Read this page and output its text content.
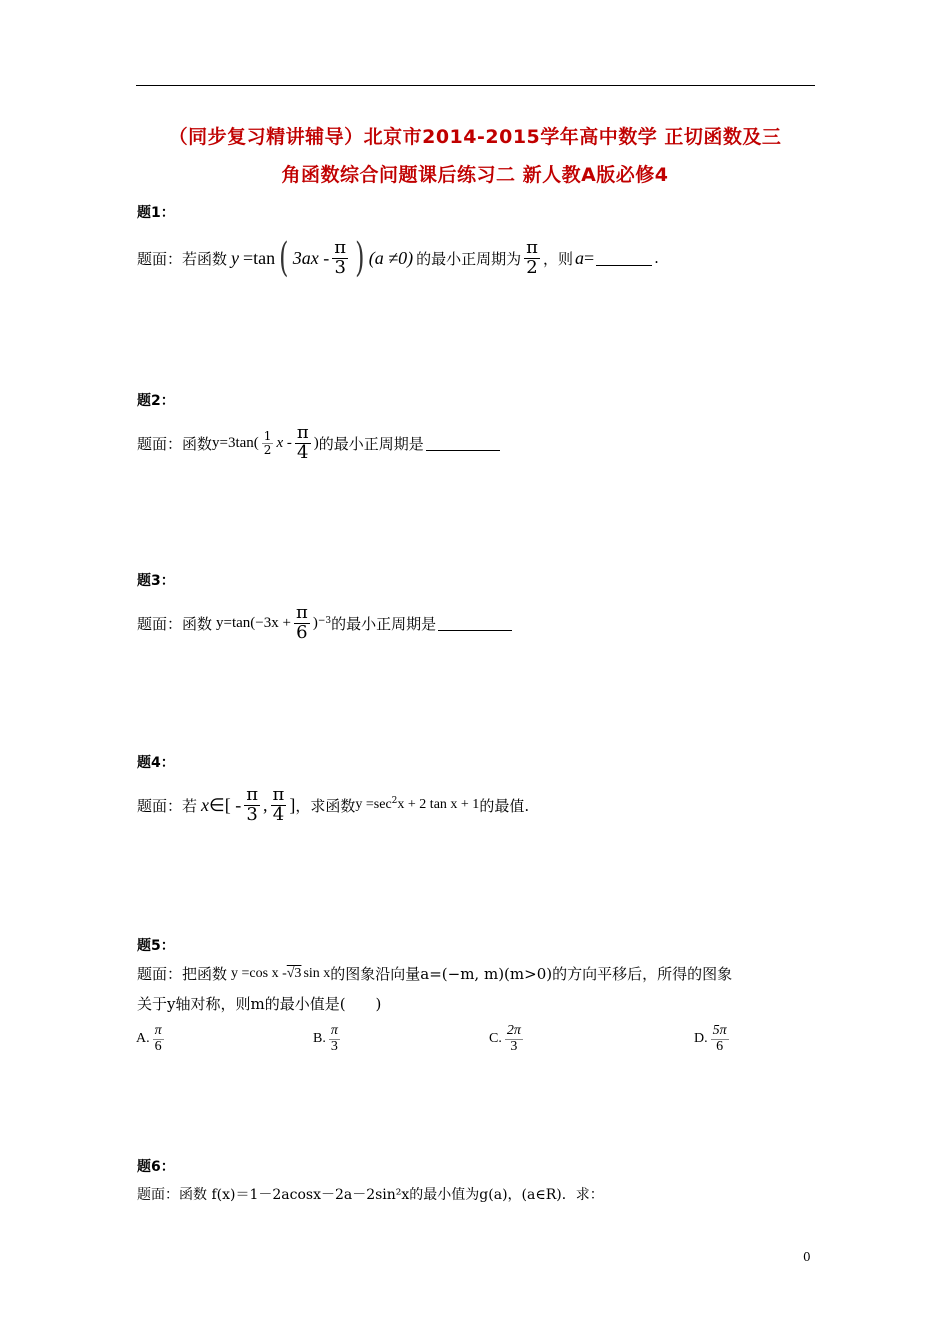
（同步复习精讲辅导）北京市2014-2015学年高中数学 正切函数及三
角函数综合问题课后练习二 新人教A版必修4
题1：
题面：若函数 y =tan ( $3ax - \frac{\pi}{3}$ ) (a ≠0) 的最小正周期为 $\frac{\pi}{2}$ ，则 a =	.
题2：
题面：函数 $y=3\tan( \frac{1}{2}$ x - $\frac{\pi}{4}$ ) 的最小正周期是
题3：
题面：函数 $y=\tan(-3x + \frac{\pi}{6}$ ) −3 的最小正周期是
题4：
题面：若 x ∈[ - $\frac{\pi}{3}$ , $\frac{\pi}{4}$ ] ，求函数 $y =\sec^2$ x + 2 tan x + 1 的最值.
题5：
题面：把函数 y =cos x - √3 sin x 的图象沿向量a=(−m, m)(m>0)的方向平移后，所得的图象
关于y轴对称，则m的最小值是(　　)
A. $\frac{\pi}{6}$	B. $\frac{\pi}{3}$	C. $\frac{2\pi}{3}$	D. $\frac{5\pi}{6}$
题6：
题面：函数 f(x)＝1－2acosx－2a－2sin²x的最小值为g(a)，(a∈R)．求：
0
